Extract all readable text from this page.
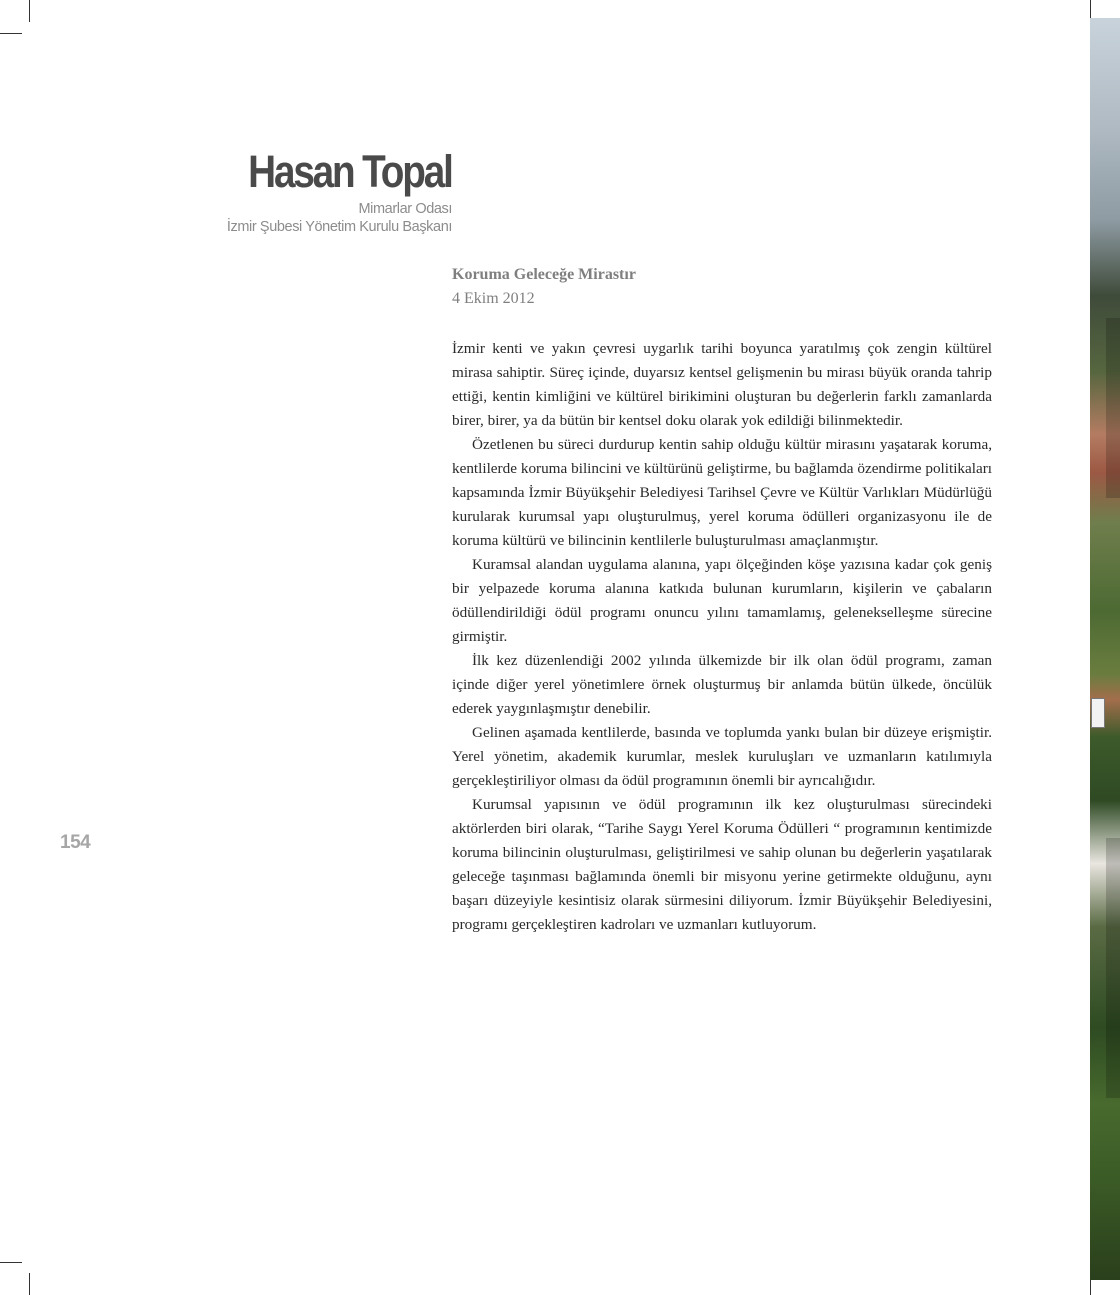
Hasan Topal
Mimarlar Odası
İzmir Şubesi Yönetim Kurulu Başkanı
Koruma Geleceğe Mirastır
4 Ekim 2012

İzmir kenti ve yakın çevresi uygarlık tarihi boyunca yaratılmış çok zengin kültürel mirasa sahiptir. Süreç içinde, duyarsız kentsel gelişmenin bu mirası büyük oranda tahrip ettiği, kentin kimliğini ve kültürel birikimini oluşturan bu değerlerin farklı zamanlarda birer, birer, ya da bütün bir kentsel doku olarak yok edildiği bilinmektedir.

Özetlenen bu süreci durdurup kentin sahip olduğu kültür mirasını yaşatarak koruma, kentlilerde koruma bilincini ve kültürünü geliştirme, bu bağlamda özendirme politikaları kapsamında İzmir Büyükşehir Belediyesi Tarihsel Çevre ve Kültür Varlıkları Müdürlüğü kurularak kurumsal yapı oluşturulmuş, yerel koruma ödülleri organizasyonu ile de koruma kültürü ve bilincinin kentlilerle buluşturulması amaçlanmıştır.

Kuramsal alandan uygulama alanına, yapı ölçeğinden köşe yazısına kadar çok geniş bir yelpazede koruma alanına katkıda bulunan kurumların, kişilerin ve çabaların ödüllendirildiği ödül programı onuncu yılını tamamlamış, gelenekselleşme sürecine girmiştir.

İlk kez düzenlendiği 2002 yılında ülkemizde bir ilk olan ödül programı, zaman içinde diğer yerel yönetimlere örnek oluşturmuş bir anlamda bütün ülkede, öncülük ederek yaygınlaşmıştır denebilir.

Gelinen aşamada kentlilerde, basında ve toplumda yankı bulan bir düzeye erişmiştir. Yerel yönetim, akademik kurumlar, meslek kuruluşları ve uzmanların katılımıyla gerçekleştiriliyor olması da ödül programının önemli bir ayrıcalığıdır.

Kurumsal yapısının ve ödül programının ilk kez oluşturulması sürecindeki aktörlerden biri olarak, “Tarihe Saygı Yerel Koruma Ödülleri “ programının kentimizde koruma bilincinin oluşturulması, geliştirilmesi ve sahip olunan bu değerlerin yaşatılarak geleceğe taşınması bağlamında önemli bir misyonu yerine getirmekte olduğunu, aynı başarı düzeyiyle kesintisiz olarak sürmesini diliyorum. İzmir Büyükşehir Belediyesini, programı gerçekleştiren kadroları ve uzmanları kutluyorum.

154
